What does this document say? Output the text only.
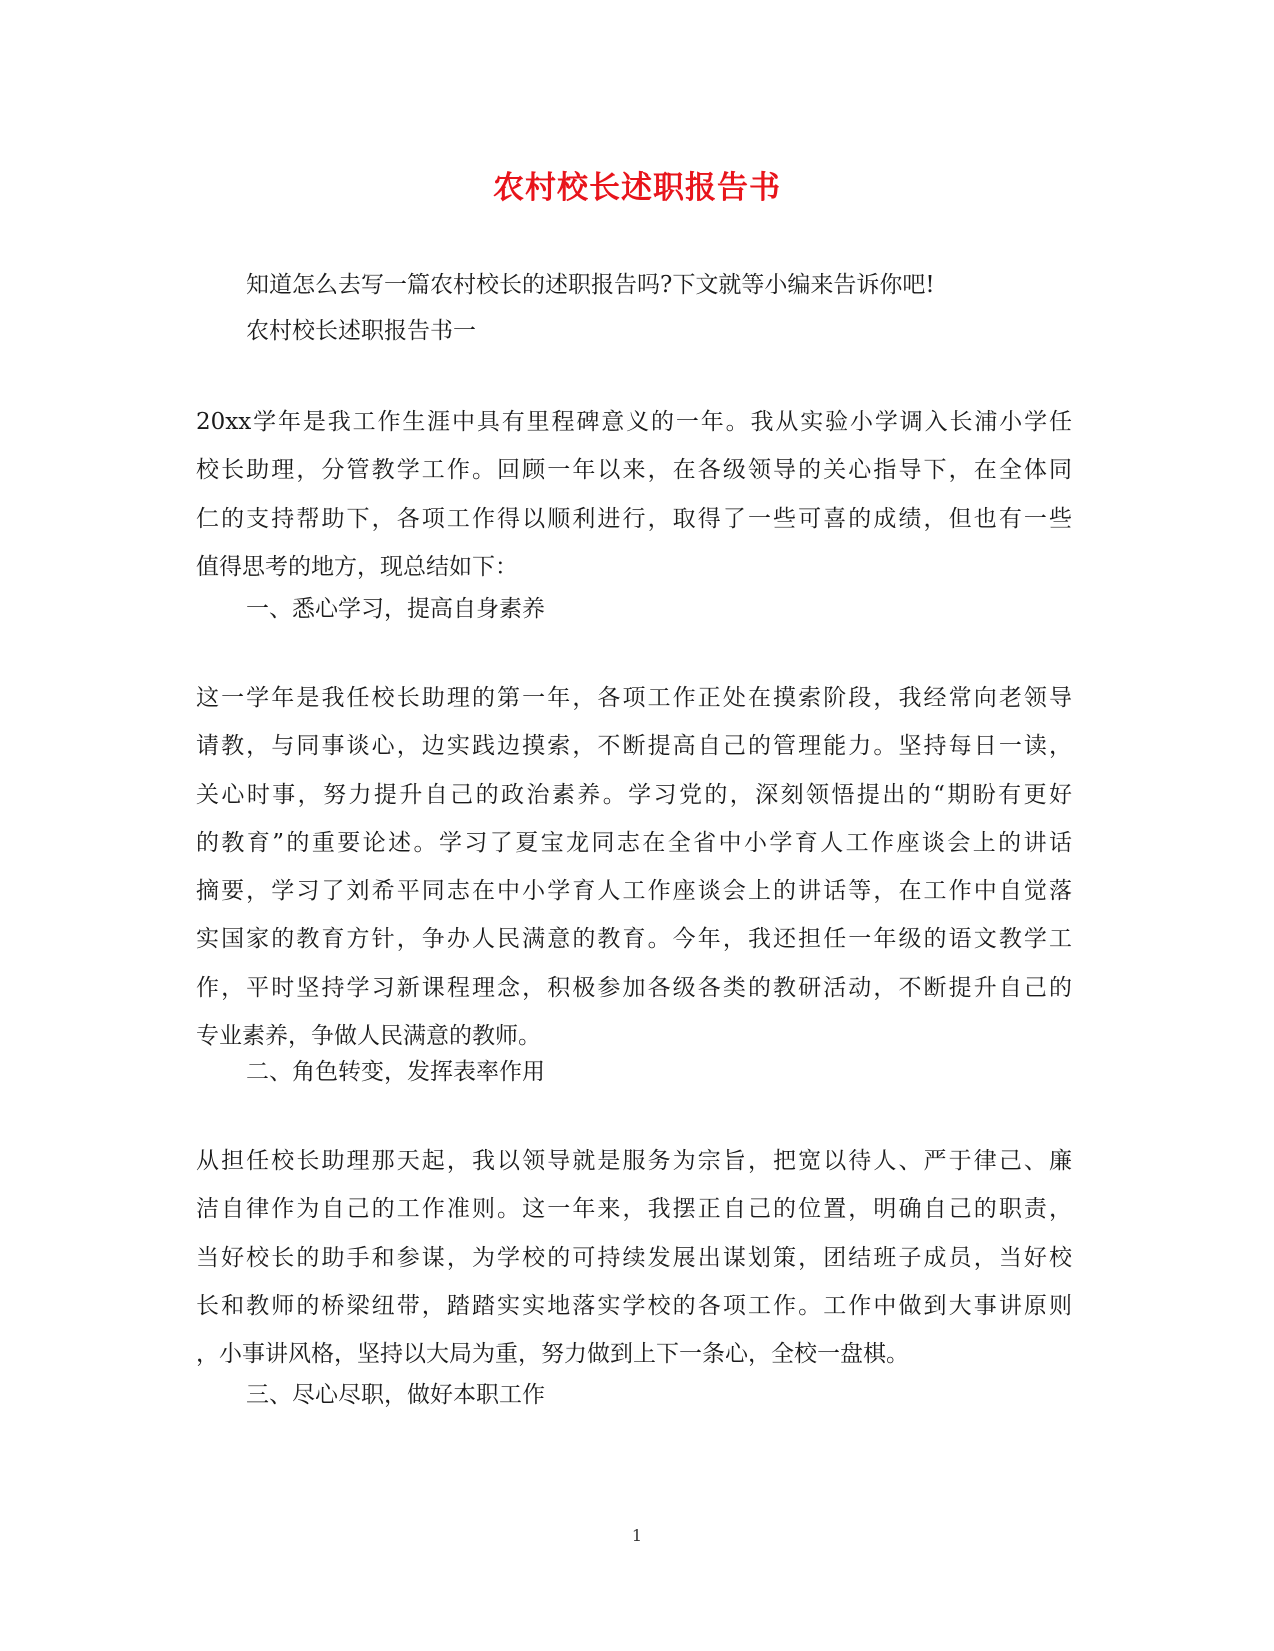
农村校长述职报告书
知道怎么去写一篇农村校长的述职报告吗?下文就等小编来告诉你吧!
农村校长述职报告书一
20xx学年是我工作生涯中具有里程碑意义的一年。我从实验小学调入长浦小学任
校长助理，分管教学工作。回顾一年以来，在各级领导的关心指导下，在全体同
仁的支持帮助下，各项工作得以顺利进行，取得了一些可喜的成绩，但也有一些
值得思考的地方，现总结如下：
一、悉心学习，提高自身素养
这一学年是我任校长助理的第一年，各项工作正处在摸索阶段，我经常向老领导
请教，与同事谈心，边实践边摸索，不断提高自己的管理能力。坚持每日一读，
关心时事，努力提升自己的政治素养。学习党的，深刻领悟提出的“期盼有更好
的教育”的重要论述。学习了夏宝龙同志在全省中小学育人工作座谈会上的讲话
摘要，学习了刘希平同志在中小学育人工作座谈会上的讲话等，在工作中自觉落
实国家的教育方针，争办人民满意的教育。今年，我还担任一年级的语文教学工
作，平时坚持学习新课程理念，积极参加各级各类的教研活动，不断提升自己的
专业素养，争做人民满意的教师。
二、角色转变，发挥表率作用
从担任校长助理那天起，我以领导就是服务为宗旨，把宽以待人、严于律己、廉
洁自律作为自己的工作准则。这一年来，我摆正自己的位置，明确自己的职责，
当好校长的助手和参谋，为学校的可持续发展出谋划策，团结班子成员，当好校
长和教师的桥梁纽带，踏踏实实地落实学校的各项工作。工作中做到大事讲原则
，小事讲风格，坚持以大局为重，努力做到上下一条心，全校一盘棋。
三、尽心尽职，做好本职工作
1
